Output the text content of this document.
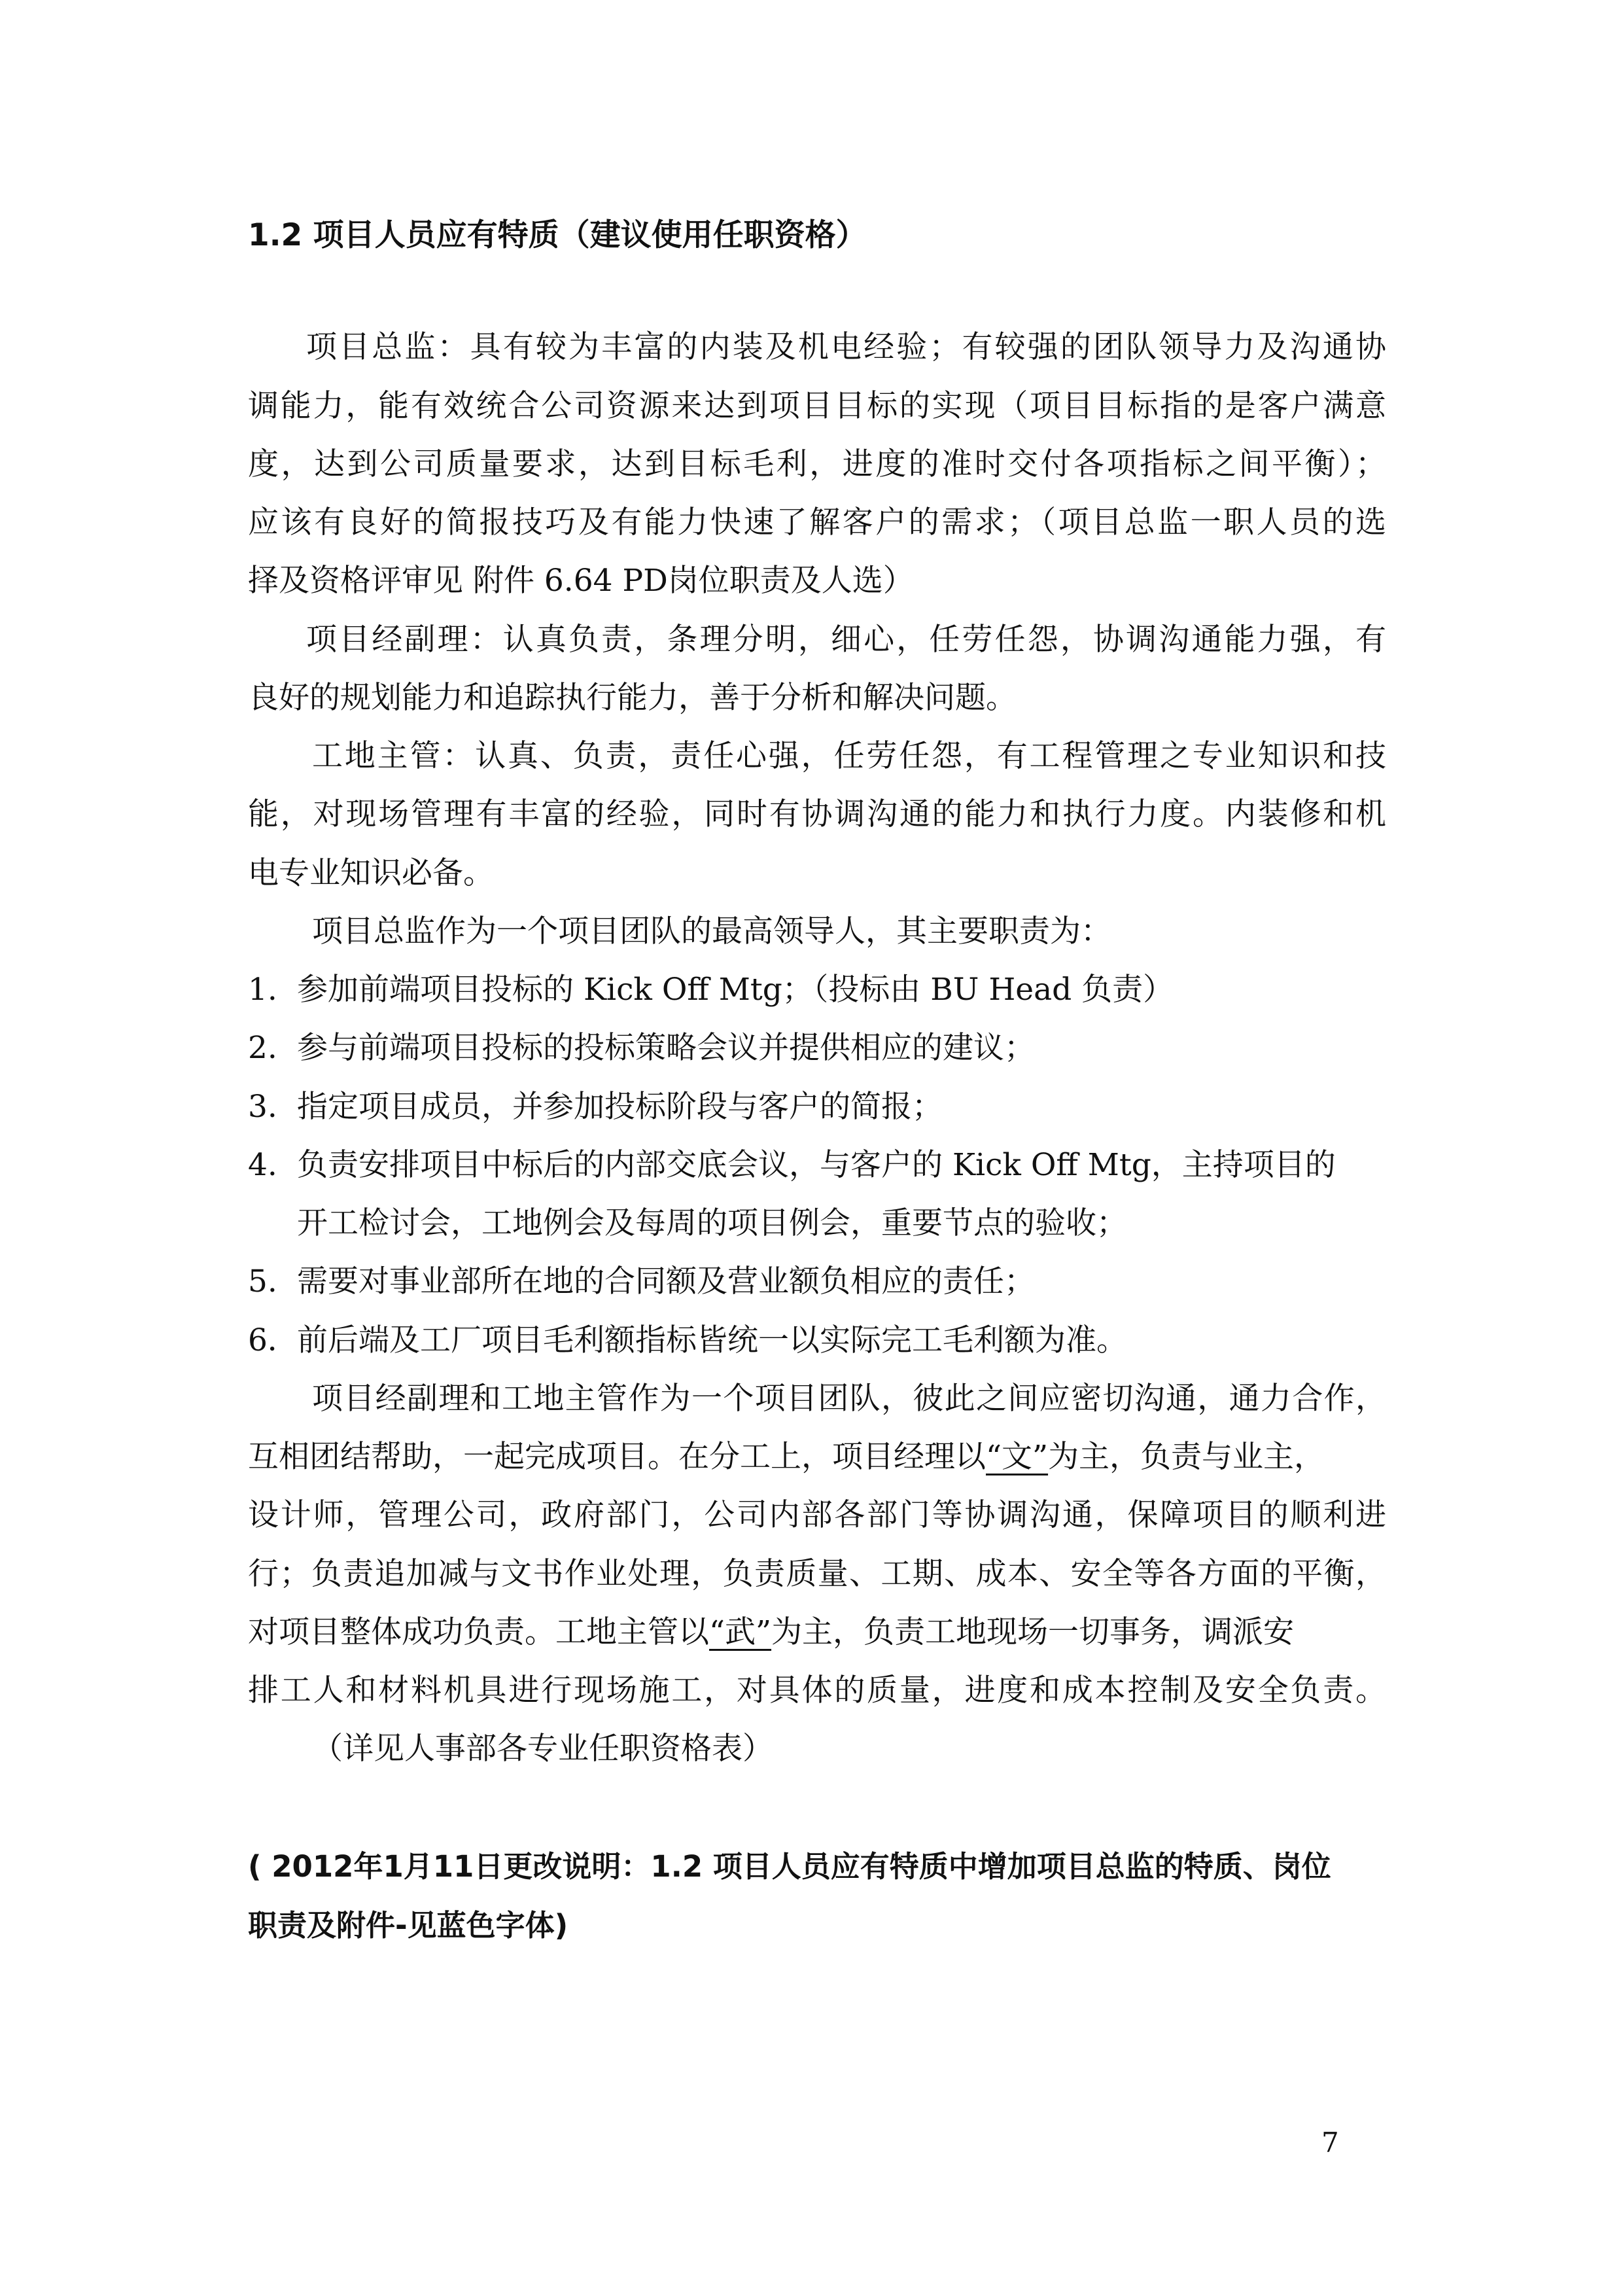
1.2 项目人员应有特质（建议使用任职资格）
项目总监：具有较为丰富的内装及机电经验；有较强的团队领导力及沟通协
调能力，能有效统合公司资源来达到项目目标的实现（项目目标指的是客户满意
度，达到公司质量要求，达到目标毛利，进度的准时交付各项指标之间平衡）；
应该有良好的简报技巧及有能力快速了解客户的需求；（项目总监一职人员的选
择及资格评审见 附件 6.64 PD岗位职责及人选）
项目经副理：认真负责，条理分明，细心，任劳任怨，协调沟通能力强，有
良好的规划能力和追踪执行能力，善于分析和解决问题。
工地主管：认真、负责，责任心强，任劳任怨，有工程管理之专业知识和技
能，对现场管理有丰富的经验，同时有协调沟通的能力和执行力度。内装修和机
电专业知识必备。
项目总监作为一个项目团队的最高领导人，其主要职责为：
1. 参加前端项目投标的 Kick Off Mtg；（投标由 BU Head 负责）
2. 参与前端项目投标的投标策略会议并提供相应的建议；
3. 指定项目成员，并参加投标阶段与客户的简报；
4. 负责安排项目中标后的内部交底会议，与客户的 Kick Off Mtg，主持项目的
开工检讨会，工地例会及每周的项目例会，重要节点的验收；
5. 需要对事业部所在地的合同额及营业额负相应的责任；
6．前后端及工厂项目毛利额指标皆统一以实际完工毛利额为准。
项目经副理和工地主管作为一个项目团队，彼此之间应密切沟通，通力合作，
互相团结帮助，一起完成项目。在分工上，项目经理以“文”为主，负责与业主，
设计师，管理公司，政府部门，公司内部各部门等协调沟通，保障项目的顺利进
行；负责追加减与文书作业处理，负责质量、工期、成本、安全等各方面的平衡，
对项目整体成功负责。工地主管以“武”为主，负责工地现场一切事务，调派安
排工人和材料机具进行现场施工，对具体的质量，进度和成本控制及安全负责。
（详见人事部各专业任职资格表）
( 2012年1月11日更改说明：1.2 项目人员应有特质中增加项目总监的特质、岗位
职责及附件-见蓝色字体)
7
